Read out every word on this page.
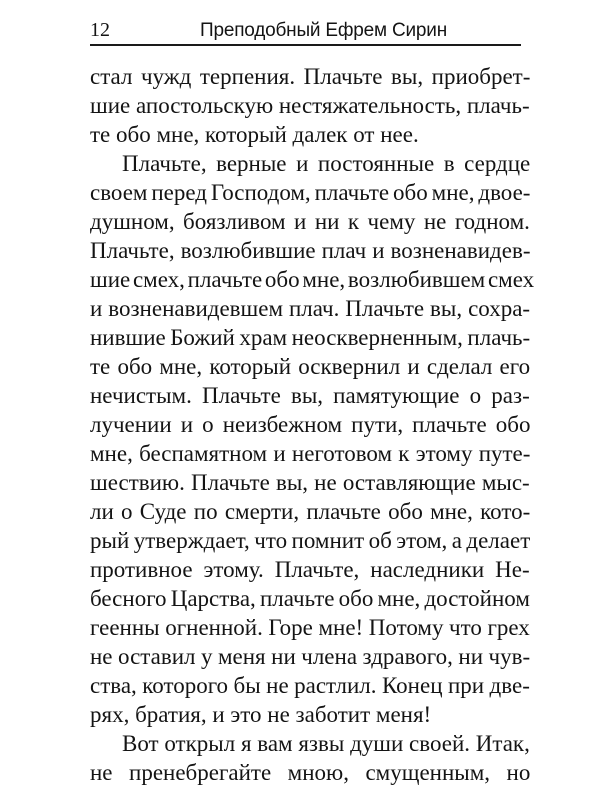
12	Преподобный Ефрем Сирин
стал чужд терпения. Плачьте вы, приобрет-
шие апостольскую нестяжательность, плачь-
те обо мне, который далек от нее.
Плачьте, верные и постоянные в сердце
своем перед Господом, плачьте обо мне, двое-
душном, боязливом и ни к чему не годном.
Плачьте, возлюбившие плач и возненавидев-
шие смех, плачьте обо мне, возлюбившем смех
и возненавидевшем плач. Плачьте вы, сохра-
нившие Божий храм неоскверненным, плачь-
те обо мне, который осквернил и сделал его
нечистым. Плачьте вы, памятующие о раз-
лучении и о неизбежном пути, плачьте обо
мне, беспамятном и неготовом к этому путе-
шествию. Плачьте вы, не оставляющие мыс-
ли о Суде по смерти, плачьте обо мне, кото-
рый утверждает, что помнит об этом, а делает
противное этому. Плачьте, наследники Не-
бесного Царства, плачьте обо мне, достойном
геенны огненной. Горе мне! Потому что грех
не оставил у меня ни члена здравого, ни чув-
ства, которого бы не растлил. Конец при две-
рях, братия, и это не заботит меня!
Вот открыл я вам язвы души своей. Итак,
не пренебрегайте мною, смущенным, но
